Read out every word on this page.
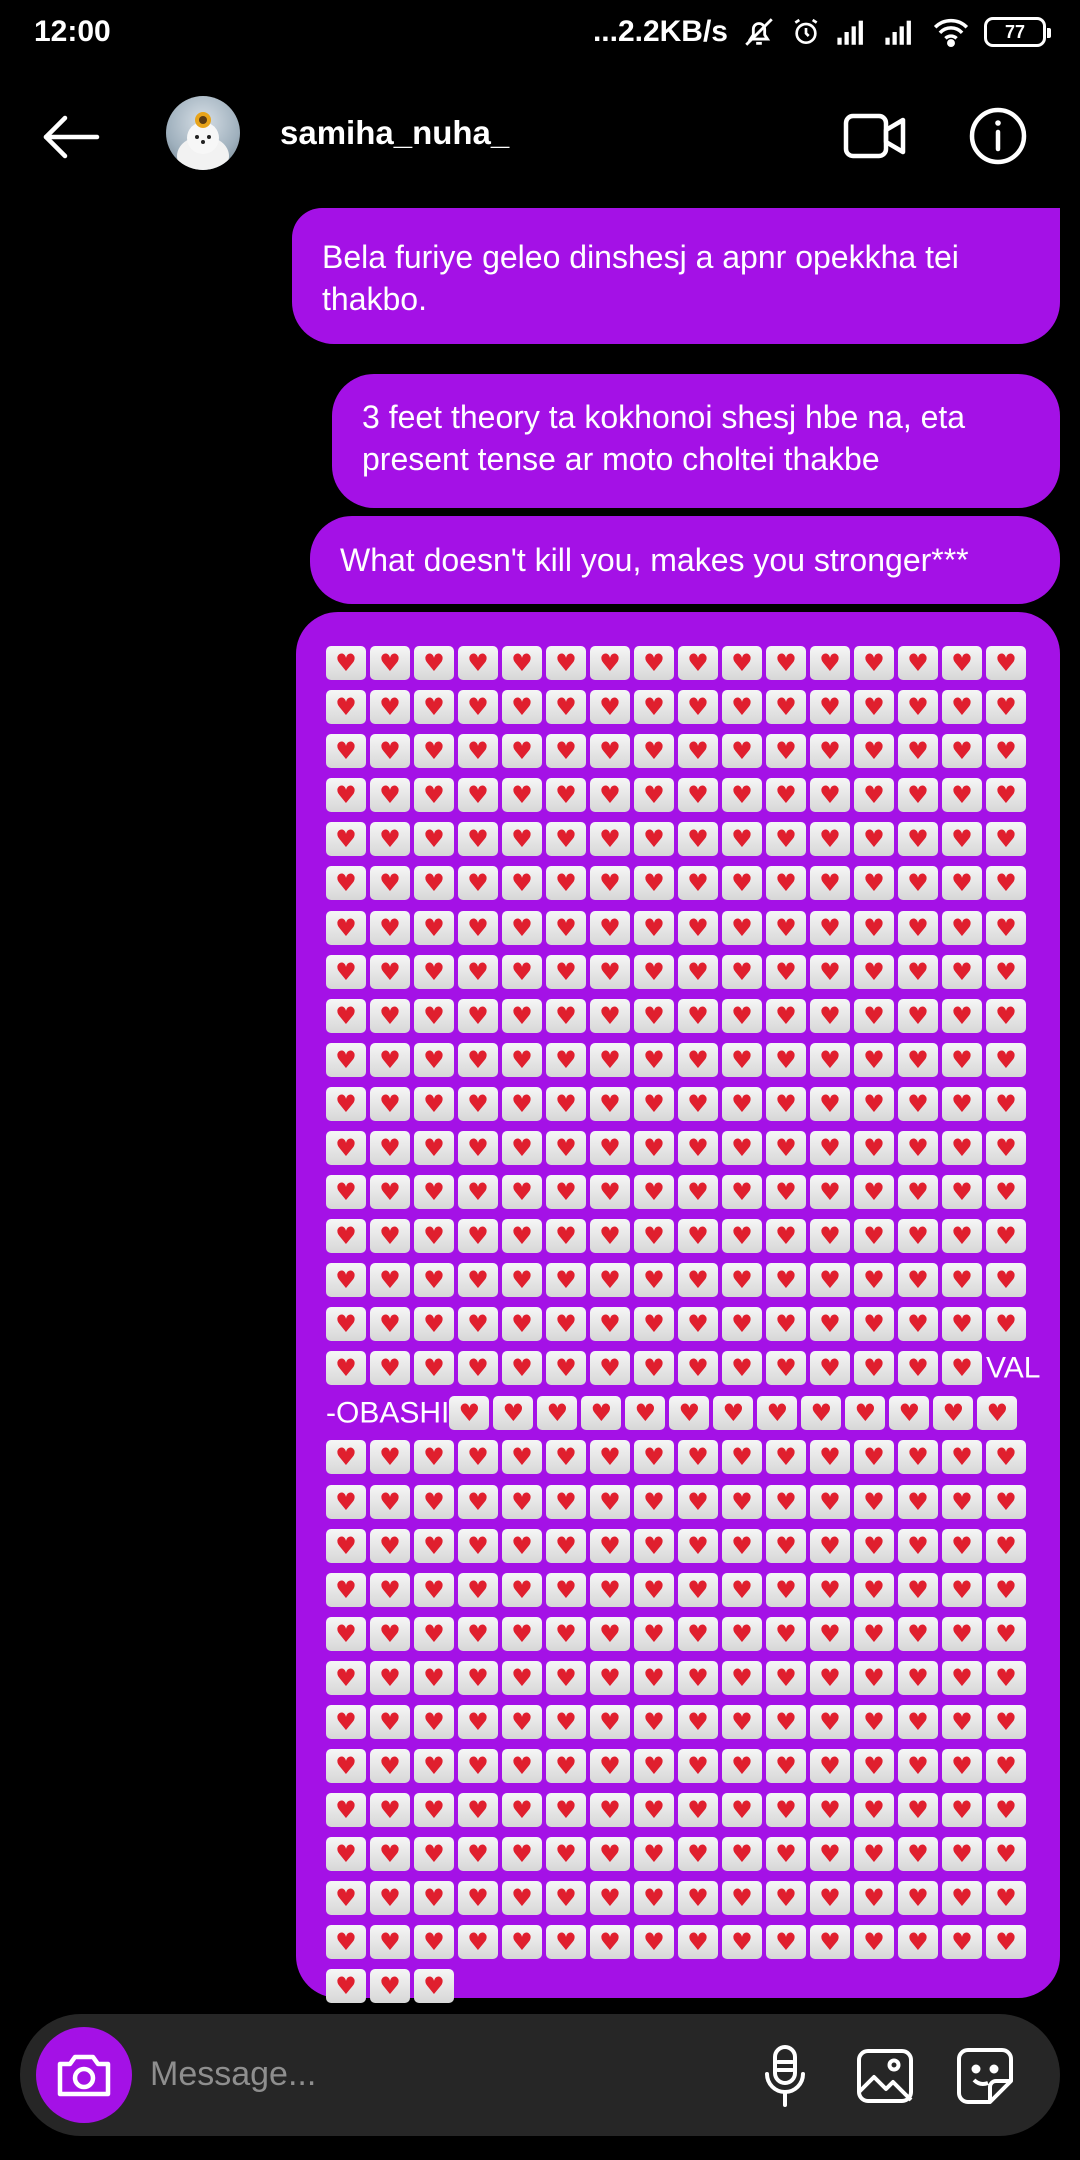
12:00	...2.2KB/s	77
samiha_nuha_
Bela furiye geleo dinshesj a apnr opekkha tei thakbo.
3 feet theory ta kokhonoi shesj hbe na, eta present tense ar moto choltei thakbe
What doesn't kill you, makes you stronger***
♥♥♥♥♥♥♥♥♥♥♥♥♥♥♥♥♥♥♥♥♥♥♥♥♥♥♥♥♥♥♥♥♥♥♥♥♥♥♥♥♥♥♥♥♥♥♥♥♥♥♥♥♥♥♥♥♥♥♥♥♥♥♥♥♥♥♥♥♥♥♥♥♥♥♥♥♥♥♥♥♥♥♥♥♥♥♥♥♥♥♥♥♥♥♥♥♥♥♥♥♥♥♥♥♥♥♥♥♥♥♥♥♥♥♥♥♥♥♥♥♥♥♥♥♥♥♥♥♥♥♥♥♥♥♥♥♥♥♥♥♥♥♥♥♥♥♥♥♥♥♥♥♥♥♥♥♥♥♥♥♥♥♥♥♥♥♥♥♥♥♥♥♥♥♥♥♥♥♥♥♥♥♥♥♥♥♥♥♥♥♥♥♥♥♥♥♥♥♥♥♥♥♥♥♥♥♥♥♥♥♥♥♥♥♥♥♥♥♥♥♥♥♥♥♥♥♥♥♥♥♥♥♥♥♥♥♥♥♥♥♥♥♥♥♥♥♥♥♥♥♥♥♥♥♥♥♥♥♥♥♥♥♥♥♥♥♥♥♥♥♥VAL-OBASHI♥♥♥♥♥♥♥♥♥♥♥♥♥♥♥♥♥♥♥♥♥♥♥♥♥♥♥♥♥♥♥♥♥♥♥♥♥♥♥♥♥♥♥♥♥♥♥♥♥♥♥♥♥♥♥♥♥♥♥♥♥♥♥♥♥♥♥♥♥♥♥♥♥♥♥♥♥♥♥♥♥♥♥♥♥♥♥♥♥♥♥♥♥♥♥♥♥♥♥♥♥♥♥♥♥♥♥♥♥♥♥♥♥♥♥♥♥♥♥♥♥♥♥♥♥♥♥♥♥♥♥♥♥♥♥♥♥♥♥♥♥♥♥♥♥♥♥♥♥♥♥♥♥♥♥♥♥♥♥♥♥♥♥♥♥♥♥♥♥♥♥♥♥♥♥♥♥♥♥♥♥♥♥♥♥♥♥♥♥♥♥♥♥♥♥♥♥♥♥♥♥♥♥♥♥♥♥♥
Message...
